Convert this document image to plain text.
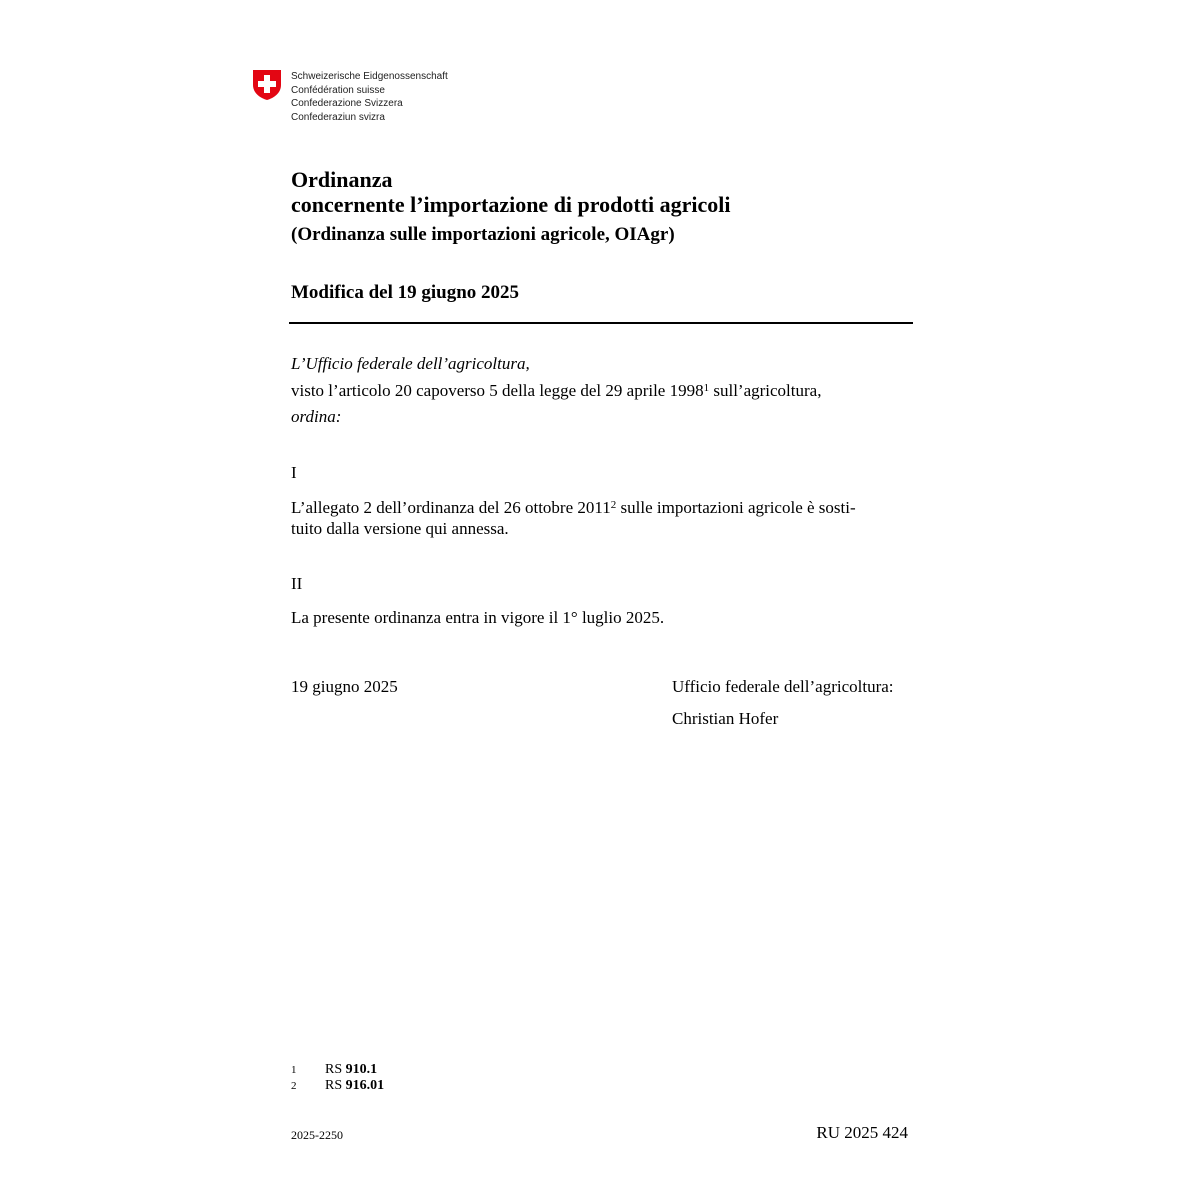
Schweizerische Eidgenossenschaft
Confédération suisse
Confederazione Svizzera
Confederaziun svizra
Ordinanza
concernente l’importazione di prodotti agricoli
(Ordinanza sulle importazioni agricole, OIAgr)
Modifica del 19 giugno 2025
L’Ufficio federale dell’agricoltura,
visto l’articolo 20 capoverso 5 della legge del 29 aprile 1998$^1$ sull’agricoltura,
ordina:
I
L’allegato 2 dell’ordinanza del 26 ottobre 2011$^2$ sulle importazioni agricole è sosti-
tuito dalla versione qui annessa.
II
La presente ordinanza entra in vigore il 1° luglio 2025.
19 giugno 2025	Ufficio federale dell’agricoltura:
Christian Hofer
1	RS 910.1
2	RS 916.01
2025-2250	RU 2025 424
